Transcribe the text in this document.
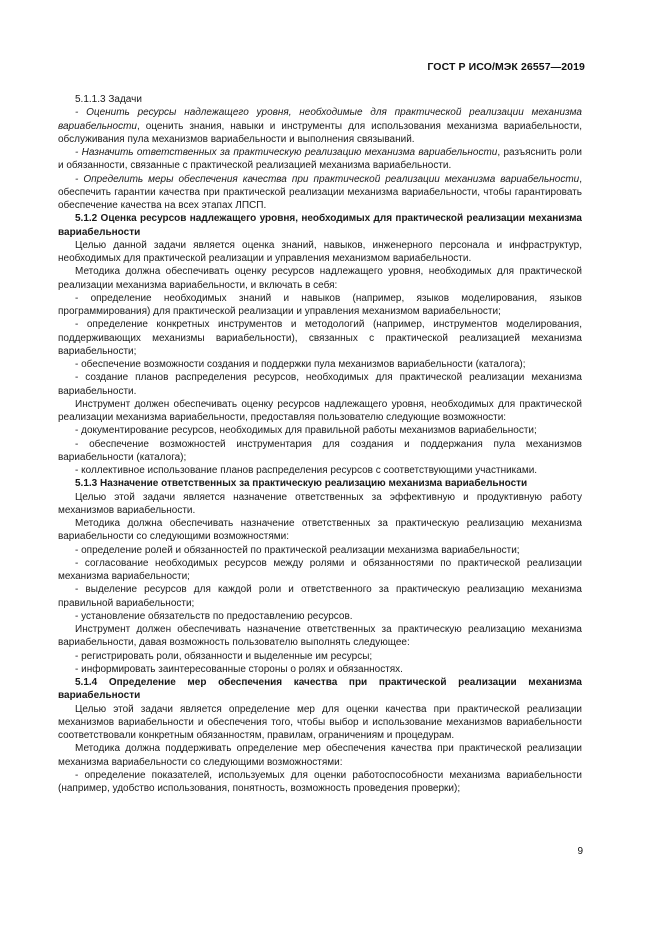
ГОСТ Р ИСО/МЭК 26557—2019

5.1.1.3 Задачи

- Оценить ресурсы надлежащего уровня, необходимые для практической реализации механизма вариабельности, оценить знания, навыки и инструменты для использования механизма вариабельности, обслуживания пула механизмов вариабельности и выполнения связываний.

- Назначить ответственных за практическую реализацию механизма вариабельности, разъяснить роли и обязанности, связанные с практической реализацией механизма вариабельности.

- Определить меры обеспечения качества при практической реализации механизма вариабельности, обеспечить гарантии качества при практической реализации механизма вариабельности, чтобы гарантировать обеспечение качества на всех этапах ЛПСП.

5.1.2 Оценка ресурсов надлежащего уровня, необходимых для практической реализации механизма вариабельности

Целью данной задачи является оценка знаний, навыков, инженерного персонала и инфраструктур, необходимых для практической реализации и управления механизмом вариабельности.

Методика должна обеспечивать оценку ресурсов надлежащего уровня, необходимых для практической реализации механизма вариабельности, и включать в себя:

- определение необходимых знаний и навыков (например, языков моделирования, языков программирования) для практической реализации и управления механизмом вариабельности;

- определение конкретных инструментов и методологий (например, инструментов моделирования, поддерживающих механизмы вариабельности), связанных с практической реализацией механизма вариабельности;

- обеспечение возможности создания и поддержки пула механизмов вариабельности (каталога);

- создание планов распределения ресурсов, необходимых для практической реализации механизма вариабельности.

Инструмент должен обеспечивать оценку ресурсов надлежащего уровня, необходимых для практической реализации механизма вариабельности, предоставляя пользователю следующие возможности:

- документирование ресурсов, необходимых для правильной работы механизмов вариабельности;

- обеспечение возможностей инструментария для создания и поддержания пула механизмов вариабельности (каталога);

- коллективное использование планов распределения ресурсов с соответствующими участниками.

5.1.3 Назначение ответственных за практическую реализацию механизма вариабельности

Целью этой задачи является назначение ответственных за эффективную и продуктивную работу механизмов вариабельности.

Методика должна обеспечивать назначение ответственных за практическую реализацию механизма вариабельности со следующими возможностями:

- определение ролей и обязанностей по практической реализации механизма вариабельности;

- согласование необходимых ресурсов между ролями и обязанностями по практической реализации механизма вариабельности;

- выделение ресурсов для каждой роли и ответственного за практическую реализацию механизма правильной вариабельности;

- установление обязательств по предоставлению ресурсов.

Инструмент должен обеспечивать назначение ответственных за практическую реализацию механизма вариабельности, давая возможность пользователю выполнять следующее:

- регистрировать роли, обязанности и выделенные им ресурсы;

- информировать заинтересованные стороны о ролях и обязанностях.

5.1.4 Определение мер обеспечения качества при практической реализации механизма вариабельности

Целью этой задачи является определение мер для оценки качества при практической реализации механизмов вариабельности и обеспечения того, чтобы выбор и использование механизмов вариабельности соответствовали конкретным обязанностям, правилам, ограничениям и процедурам.

Методика должна поддерживать определение мер обеспечения качества при практической реализации механизма вариабельности со следующими возможностями:

- определение показателей, используемых для оценки работоспособности механизма вариабельности (например, удобство использования, понятность, возможность проведения проверки);

9
